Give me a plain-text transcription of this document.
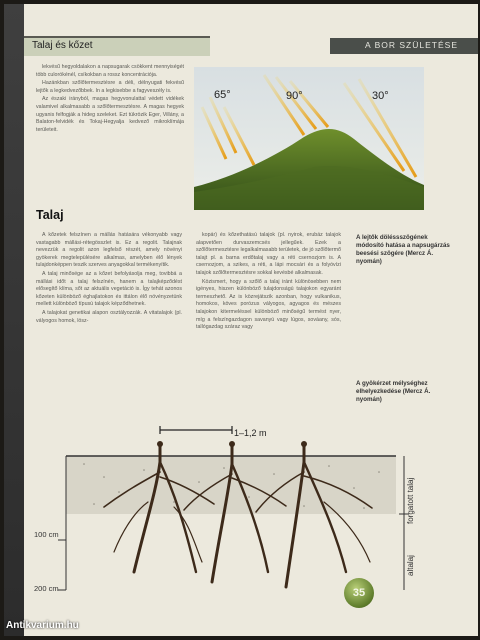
Talaj és kőzet	A BOR SZÜLETÉSE

lekvésű hegyoldalakon a napsugarak csökkent mennyiségét több culorókénél, csíkokban a rossz koncentrációja.

Hazánkban szőlőtermesztésre a déli, délnyugati fekvésű lejtők a legkedvezőbbek. In a legkisebbe a fagyveszély is.

Az északi irányból, magas hegyvonulattal védett vidékek valamivel alkalmasabb a szőlőtermesztésre. A magas hegyek ugyanis felfogják a hideg szeleket. Ezt tükrözik Eger, Villány, a Balaton-felvidék és Tokaj-Hegyalja kedvező mikroklímája területeit.

65°	90°	30°
Talaj

A kőzetek felszínen a mállás hatására vékonyabb vagy vastagabb mállási-rétegösszlet is. Ez a regolit. Talajnak nevezzük a regolit azon legfelső részét, amely növényi gyökerek megtelepülésére alkalmas, amelyben élő lények tulajdonképpen teszik szerves anyagokkal termékenyítik.

A talaj minősége az a kőzet befolyásolja meg, tovibbá a mállási időt a talaj felszínén, hanem a talajképződést elősegítő klíma, sőt az aktuális vegetáció is. Így tehát azonos kőzeten különböző éghajlatokon és ittálon élő növényzetünk mellett különböző típusú talajok képződhetnek.

A talajokat genetikai alapon osztályozzák. A vitatalajok (pl. vályogos homok, lösz-

kopár) és kőzethatású talajok (pl. nyirok, erubáz talajok alapvetően durvaszemcsés jellegűek. Ezek a szőlőtermesztésre legalkalmasabb területek, de jó szőlőtermő talajt pl. a barna erdőtalaj vagy a réti csernozjom is. A csernozjom, a szikes, a réti, a lápi mocsári és a folyóvízi talajok szőlőtermesztésre sokkal kevésbé alkalmasak.

Közismert, hogy a szőlő a talaj iránt különösebben nem igényes, hiszen különböző tulajdonságú talajokon egyaránt termeszhető. Az is közrejátszik azonban, hogy vulkanikus, homokos, köves porózus vályogos, agyagos és mészes talajokon kitermeléssel különböző minőségű termést nyer, míg a felszíngazdagon savanyú vagy lúgos, sováany, sós, tallógazdag száraz vagy

A lejtők döléssszögének módosító hatása a napsugárzás beesési szögére (Mercz Á. nyomán)
A gyökérzet mélységhez elhelyezkedése (Mercz Á. nyomán)
1–1,2 m
100 cm
200 cm
forgatott talaj
altalaj
35
Antikvarium.hu
